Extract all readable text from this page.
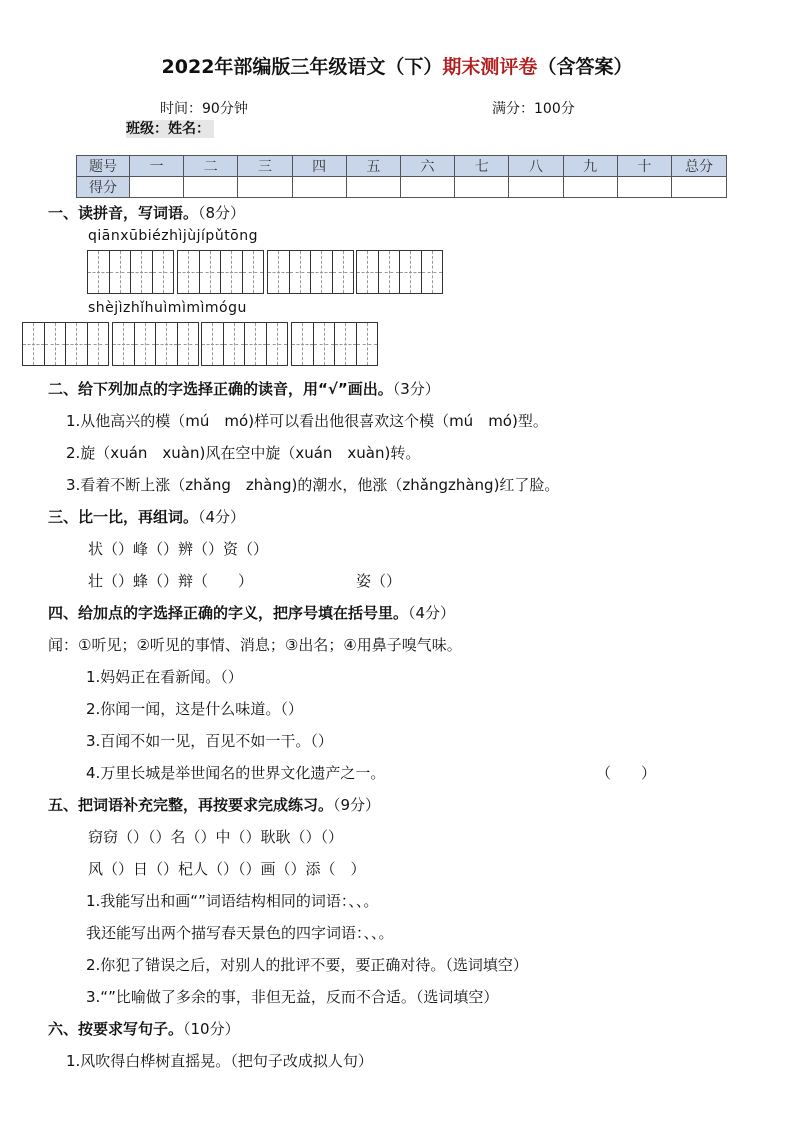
2022年部编版三年级语文（下）期末测评卷（含答案）
时间：90分钟	满分：100分
班级：姓名：
题号	一	二	三	四	五	六	七	八	九	十	总分
得分											
一、读拼音，写词语。（8分）
qiānxūbiézhìjùjípǔtōng
shèjìzhǐhuìmìmìmógu
二、给下列加点的字选择正确的读音，用“√”画出。（3分）
1.从他高兴的模（mú　mó)样可以看出他很喜欢这个模（mú　mó)型。
2.旋（xuán　xuàn)风在空中旋（xuán　xuàn)转。
3.看着不断上涨（zhǎng　zhàng)的潮水，他涨（zhǎngzhàng)红了脸。
三、比一比，再组词。（4分）
状（）峰（）辨（）资（）
壮（）蜂（）辩（　　）	姿（）
四、给加点的字选择正确的字义，把序号填在括号里。（4分）
闻：①听见；②听见的事情、消息；③出名；④用鼻子嗅气味。
1.妈妈正在看新闻。（）
2.你闻一闻，这是什么味道。（）
3.百闻不如一见，百见不如一干。（）
4.万里长城是举世闻名的世界文化遗产之一。	（　　）
五、把词语补充完整，再按要求完成练习。（9分）
窃窃（）（）名（）中（）耿耿（）（）
风（）日（）杞人（）（）画（）添（　）
1.我能写出和画“”词语结构相同的词语：、、。
我还能写出两个描写春天景色的四字词语：、、。
2.你犯了错误之后，对别人的批评不要，要正确对待。（选词填空）
3.“”比喻做了多余的事，非但无益，反而不合适。（选词填空）
六、按要求写句子。（10分）
1.风吹得白桦树直摇晃。（把句子改成拟人句）
